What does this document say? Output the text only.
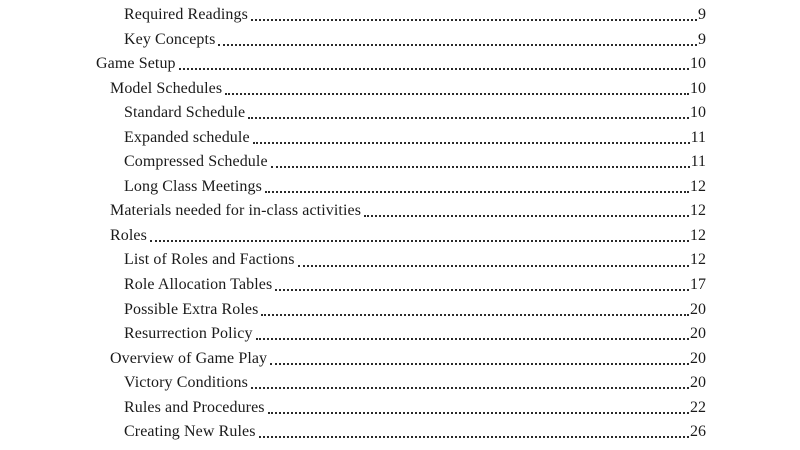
Required Readings	9
Key Concepts	9
Game Setup	10
Model Schedules	10
Standard Schedule	10
Expanded schedule	11
Compressed Schedule	11
Long Class Meetings	12
Materials needed for in-class activities	12
Roles	12
List of Roles and Factions	12
Role Allocation Tables	17
Possible Extra Roles	20
Resurrection Policy	20
Overview of Game Play	20
Victory Conditions	20
Rules and Procedures	22
Creating New Rules	26
